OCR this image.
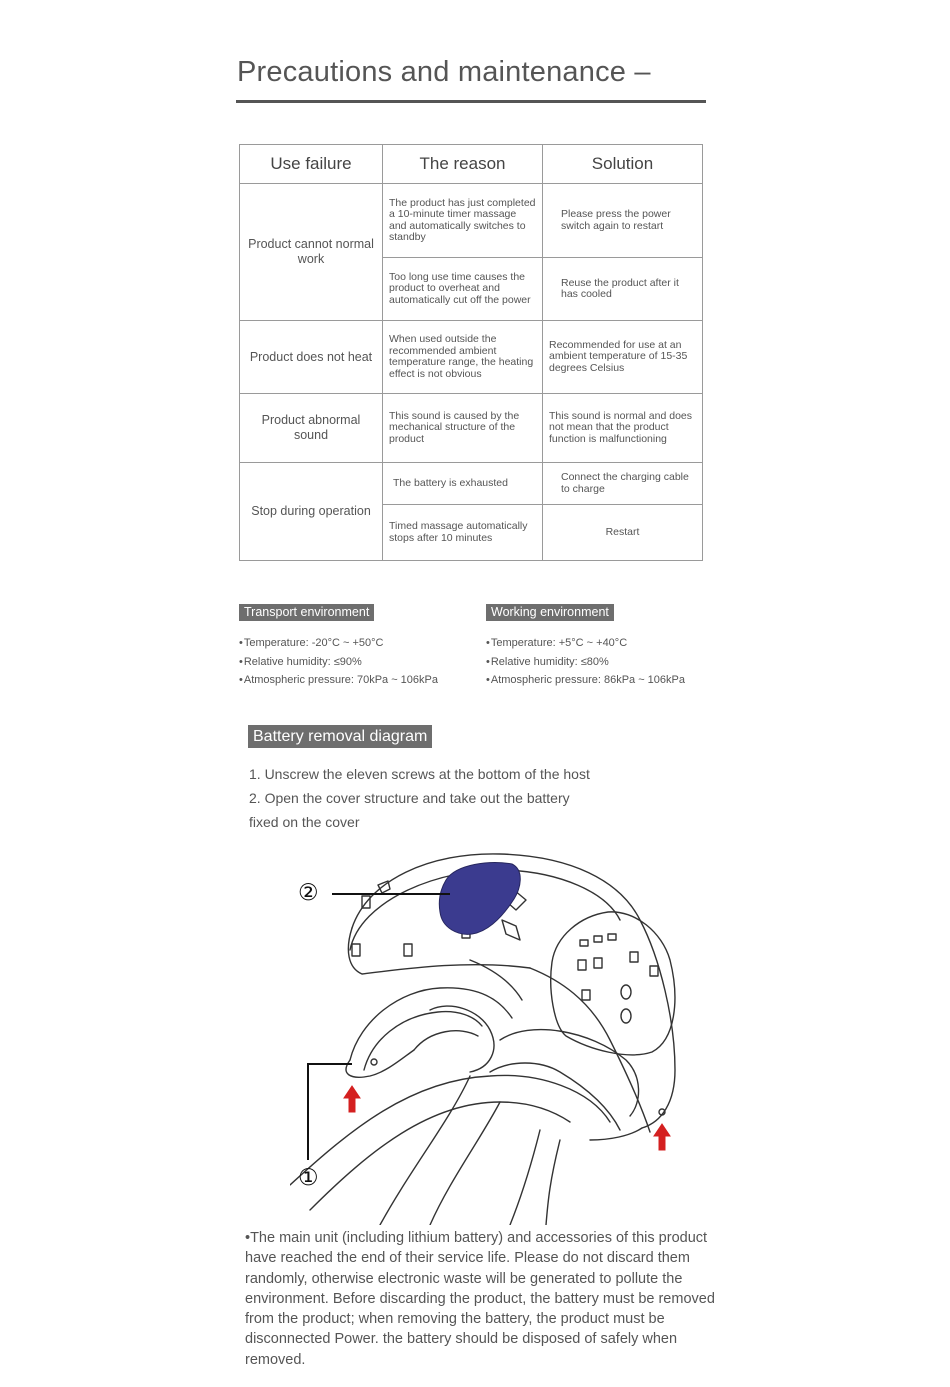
Precautions and maintenance –
Use failure	The reason	Solution
Product cannot normal work	The product has just completed a 10-minute timer massage and automatically switches to standby	Please press the power switch again to restart
	Too long use time causes the product to overheat and automatically cut off the power	Reuse the product after it has cooled
Product does not heat	When used outside the recommended ambient temperature range, the heating effect is not obvious	Recommended for use at an ambient temperature of 15-35 degrees Celsius
Product abnormal sound	This sound is caused by the mechanical structure of the product	This sound is normal and does not mean that the product function is malfunctioning
Stop during operation	The battery is exhausted	Connect the charging cable to charge
	Timed massage automatically stops after 10 minutes	Restart
Transport environment
• Temperature: -20°C ~ +50°C
• Relative humidity: ≤90%
• Atmospheric pressure: 70kPa ~ 106kPa
Working environment
• Temperature: +5°C ~ +40°C
• Relative humidity: ≤80%
• Atmospheric pressure: 86kPa ~ 106kPa
Battery removal diagram
1. Unscrew the eleven screws at the bottom of the host
2. Open the cover structure and take out the battery
fixed on the cover
②
①
•The main unit (including lithium battery) and accessories of this product have reached the end of their service life. Please do not discard them randomly, otherwise electronic waste will be generated to pollute the environment. Before discarding the product, the battery must be removed from the product; when removing the battery, the product must be disconnected Power. the battery should be disposed of safely when removed.
